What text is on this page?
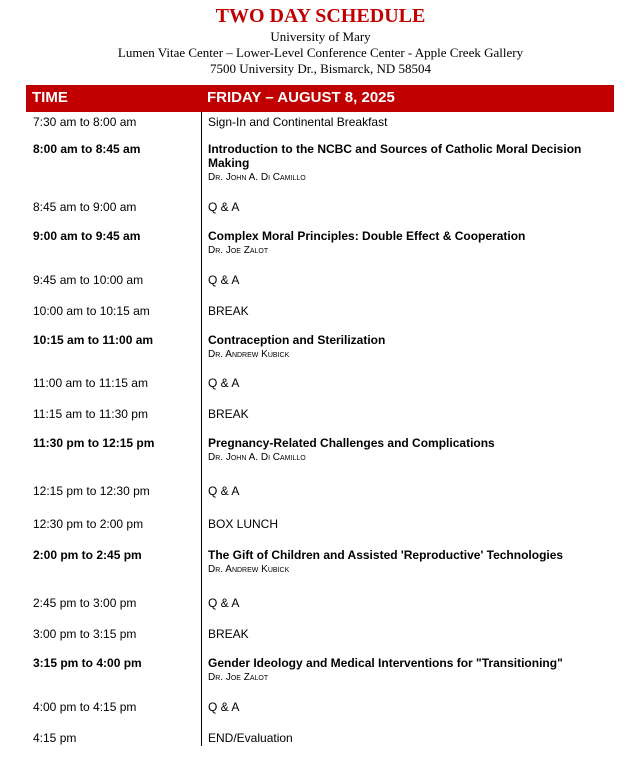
TWO DAY SCHEDULE
University of Mary
Lumen Vitae Center – Lower-Level Conference Center - Apple Creek Gallery
7500 University Dr., Bismarck, ND 58504
TIME	FRIDAY – AUGUST 8, 2025
7:30 am to 8:00 am	Sign-In and Continental Breakfast
8:00 am to 8:45 am	Introduction to the NCBC and Sources of Catholic Moral Decision Making
Dr. John A. Di Camillo
8:45 am to 9:00 am	Q & A
9:00 am to 9:45 am	Complex Moral Principles: Double Effect & Cooperation
Dr. Joe Zalot
9:45 am to 10:00 am	Q & A
10:00 am to 10:15 am	BREAK
10:15 am to 11:00 am	Contraception and Sterilization
Dr. Andrew Kubick
11:00 am to 11:15 am	Q & A
11:15 am to 11:30 pm	BREAK
11:30 pm to 12:15 pm	Pregnancy-Related Challenges and Complications
Dr. John A. Di Camillo
12:15 pm to 12:30 pm	Q & A
12:30 pm to 2:00 pm	BOX LUNCH
2:00 pm to 2:45 pm	The Gift of Children and Assisted 'Reproductive' Technologies
Dr. Andrew Kubick
2:45 pm to 3:00 pm	Q & A
3:00 pm to 3:15 pm	BREAK
3:15 pm to 4:00 pm	Gender Ideology and Medical Interventions for "Transitioning"
Dr. Joe Zalot
4:00 pm to 4:15 pm	Q & A
4:15 pm	END/Evaluation
